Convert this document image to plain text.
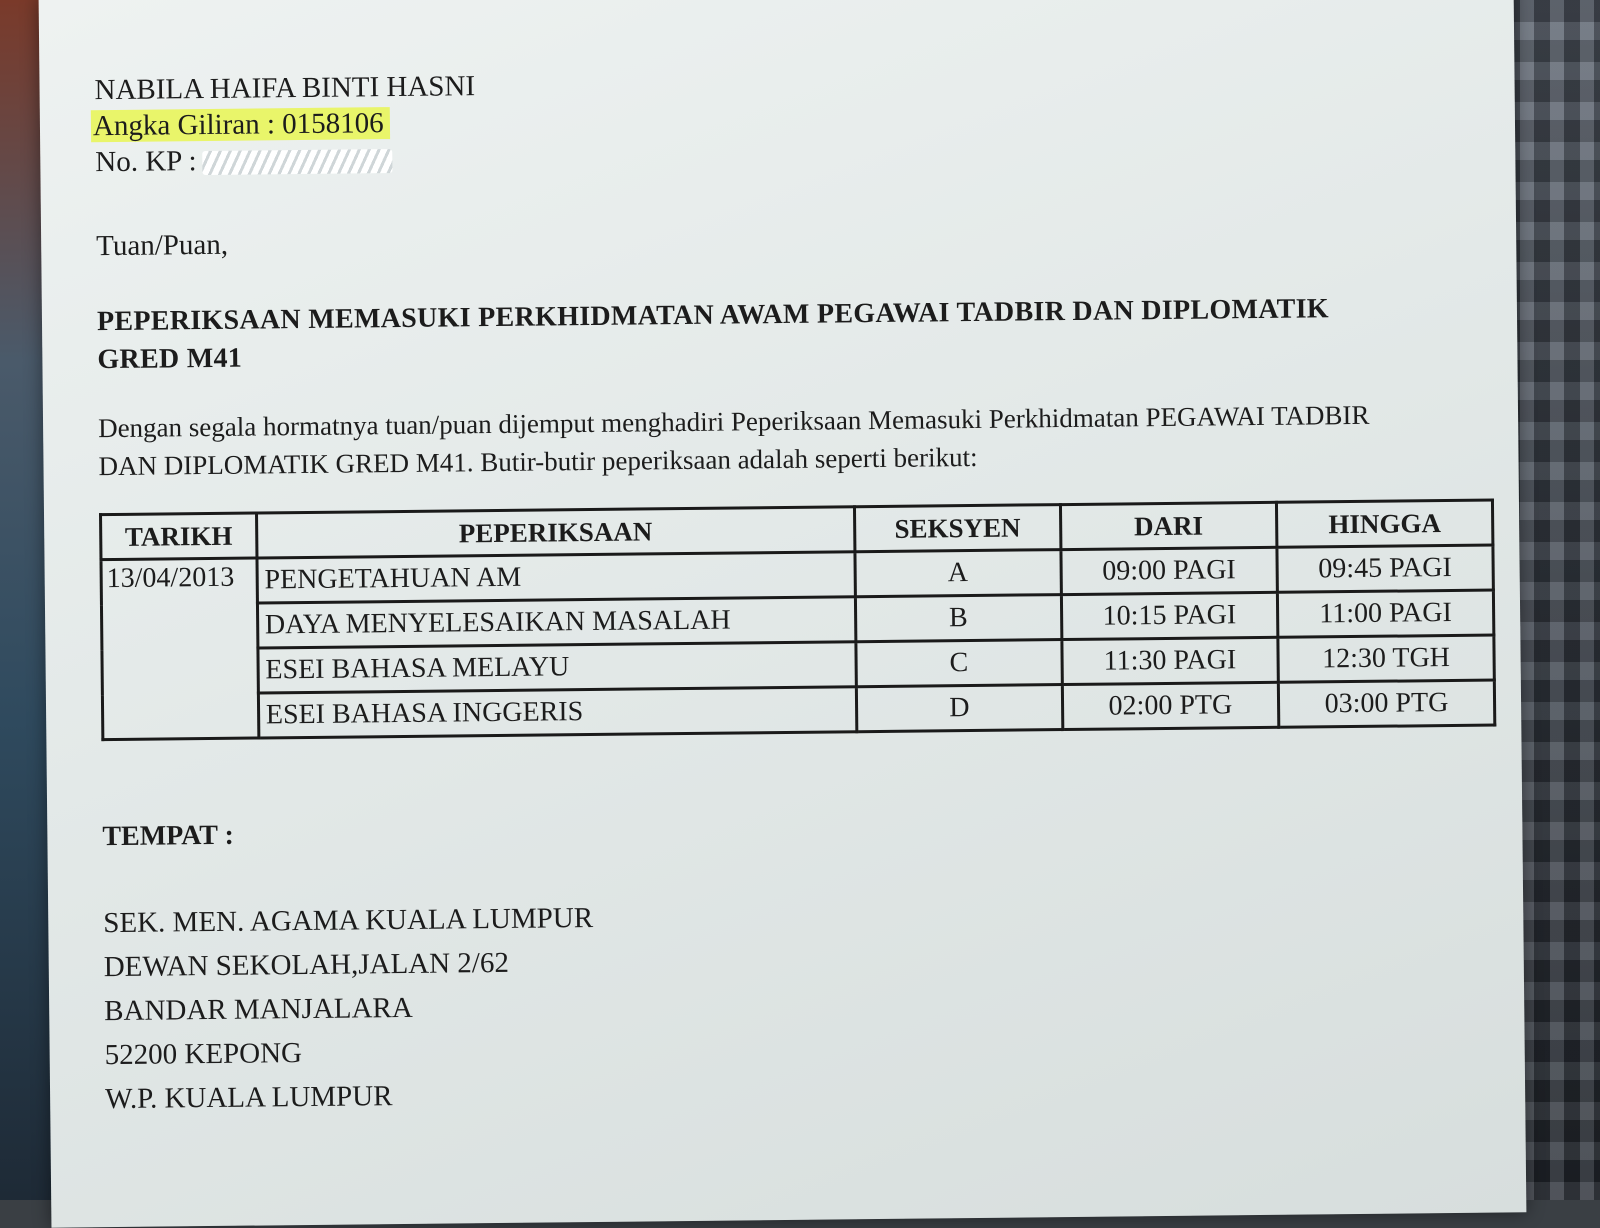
NABILA HAIFA BINTI HASNI
Angka Giliran : 0158106
No. KP :
Tuan/Puan,
PEPERIKSAAN MEMASUKI PERKHIDMATAN AWAM PEGAWAI TADBIR DAN DIPLOMATIK
GRED M41
Dengan segala hormatnya tuan/puan dijemput menghadiri Peperiksaan Memasuki Perkhidmatan PEGAWAI TADBIR
DAN DIPLOMATIK GRED M41. Butir-butir peperiksaan adalah seperti berikut:
TARIKH	PEPERIKSAAN	SEKSYEN	DARI	HINGGA
13/04/2013	PENGETAHUAN AM	A	09:00 PAGI	09:45 PAGI
	DAYA MENYELESAIKAN MASALAH	B	10:15 PAGI	11:00 PAGI
	ESEI BAHASA MELAYU	C	11:30 PAGI	12:30 TGH
	ESEI BAHASA INGGERIS	D	02:00 PTG	03:00 PTG
TEMPAT :
SEK. MEN. AGAMA KUALA LUMPUR
DEWAN SEKOLAH,JALAN 2/62
BANDAR MANJALARA
52200 KEPONG
W.P. KUALA LUMPUR
